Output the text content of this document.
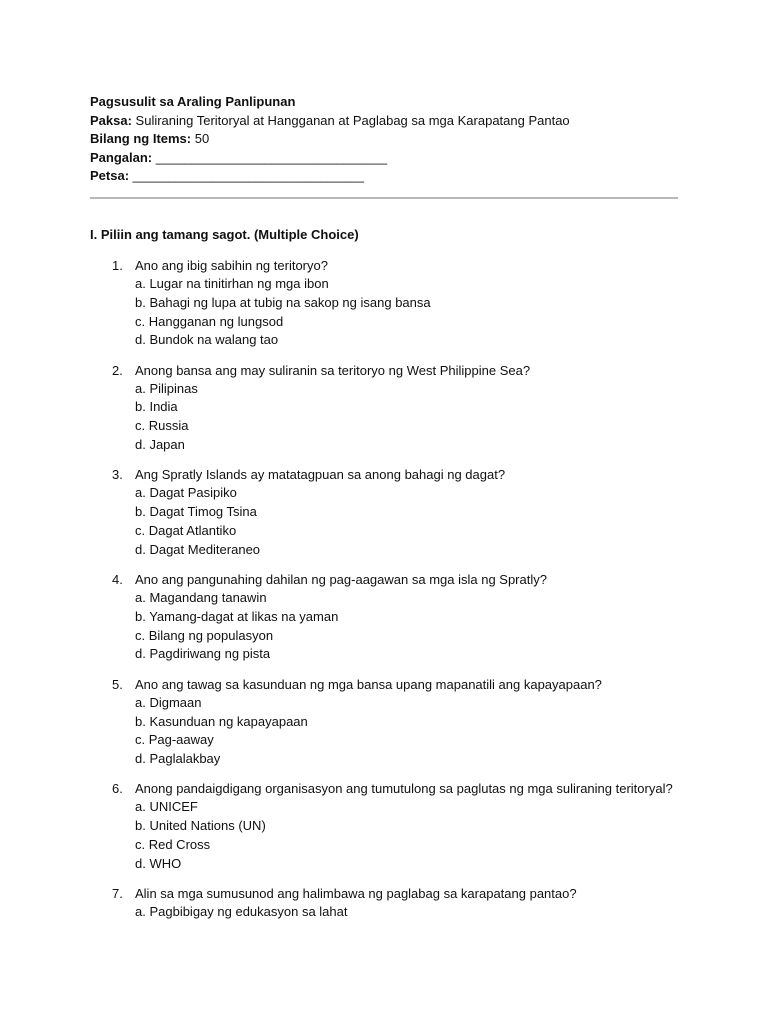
Pagsusulit sa Araling Panlipunan
Paksa: Suliraning Teritoryal at Hangganan at Paglabag sa mga Karapatang Pantao
Bilang ng Items: 50
Pangalan: ________________________________
Petsa: ________________________________
I. Piliin ang tamang sagot. (Multiple Choice)
1. Ano ang ibig sabihin ng teritoryo?
a. Lugar na tinitirhan ng mga ibon
b. Bahagi ng lupa at tubig na sakop ng isang bansa
c. Hangganan ng lungsod
d. Bundok na walang tao
2. Anong bansa ang may suliranin sa teritoryo ng West Philippine Sea?
a. Pilipinas
b. India
c. Russia
d. Japan
3. Ang Spratly Islands ay matatagpuan sa anong bahagi ng dagat?
a. Dagat Pasipiko
b. Dagat Timog Tsina
c. Dagat Atlantiko
d. Dagat Mediteraneo
4. Ano ang pangunahing dahilan ng pag-aagawan sa mga isla ng Spratly?
a. Magandang tanawin
b. Yamang-dagat at likas na yaman
c. Bilang ng populasyon
d. Pagdiriwang ng pista
5. Ano ang tawag sa kasunduan ng mga bansa upang mapanatili ang kapayapaan?
a. Digmaan
b. Kasunduan ng kapayapaan
c. Pag-aaway
d. Paglalakbay
6. Anong pandaigdigang organisasyon ang tumutulong sa paglutas ng mga suliraning teritoryal?
a. UNICEF
b. United Nations (UN)
c. Red Cross
d. WHO
7. Alin sa mga sumusunod ang halimbawa ng paglabag sa karapatang pantao?
a. Pagbibigay ng edukasyon sa lahat
